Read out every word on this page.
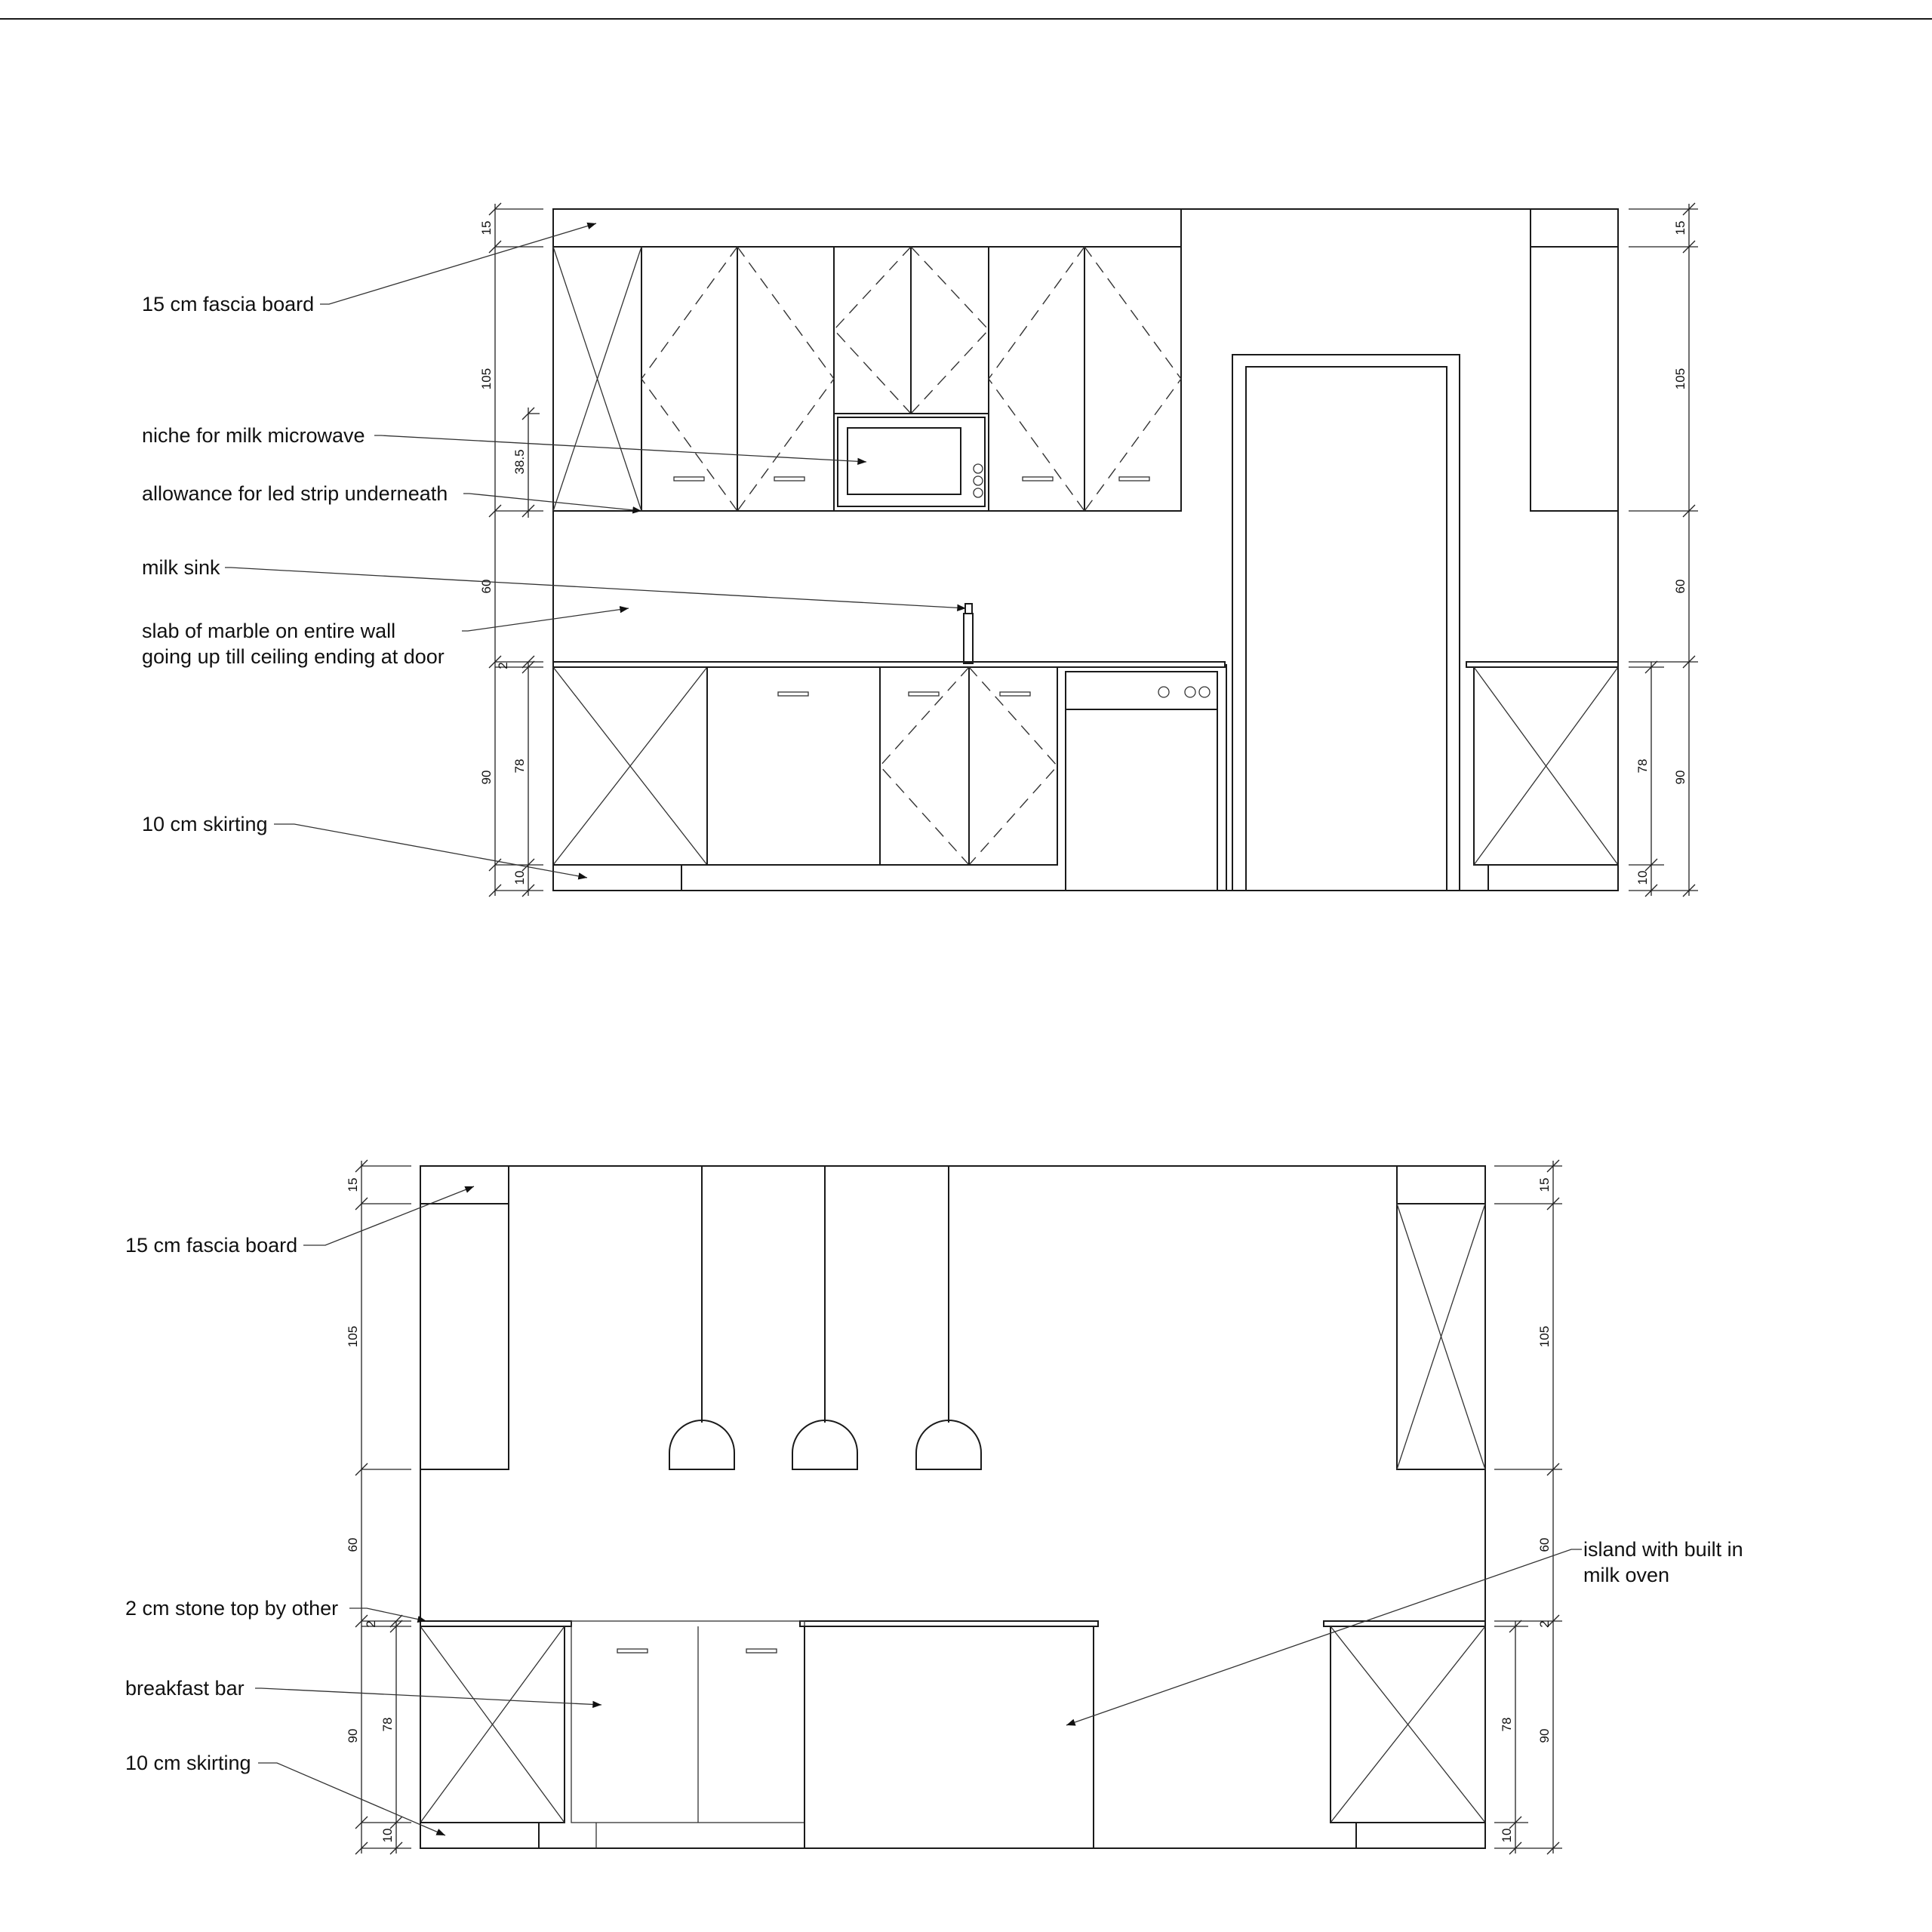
15
105
38.5
60
2
90
78
10
15
105
60
78
90
10
15 cm fascia board
niche for milk microwave
allowance for led strip underneath
milk sink
slab of marble on entire wall
going up till ceiling ending at door
10 cm skirting
15
105
60
2
90
78
10
15
105
60
2
78
90
10
15 cm fascia board
2 cm stone top by other
breakfast bar
10 cm skirting
island with built in
milk oven
